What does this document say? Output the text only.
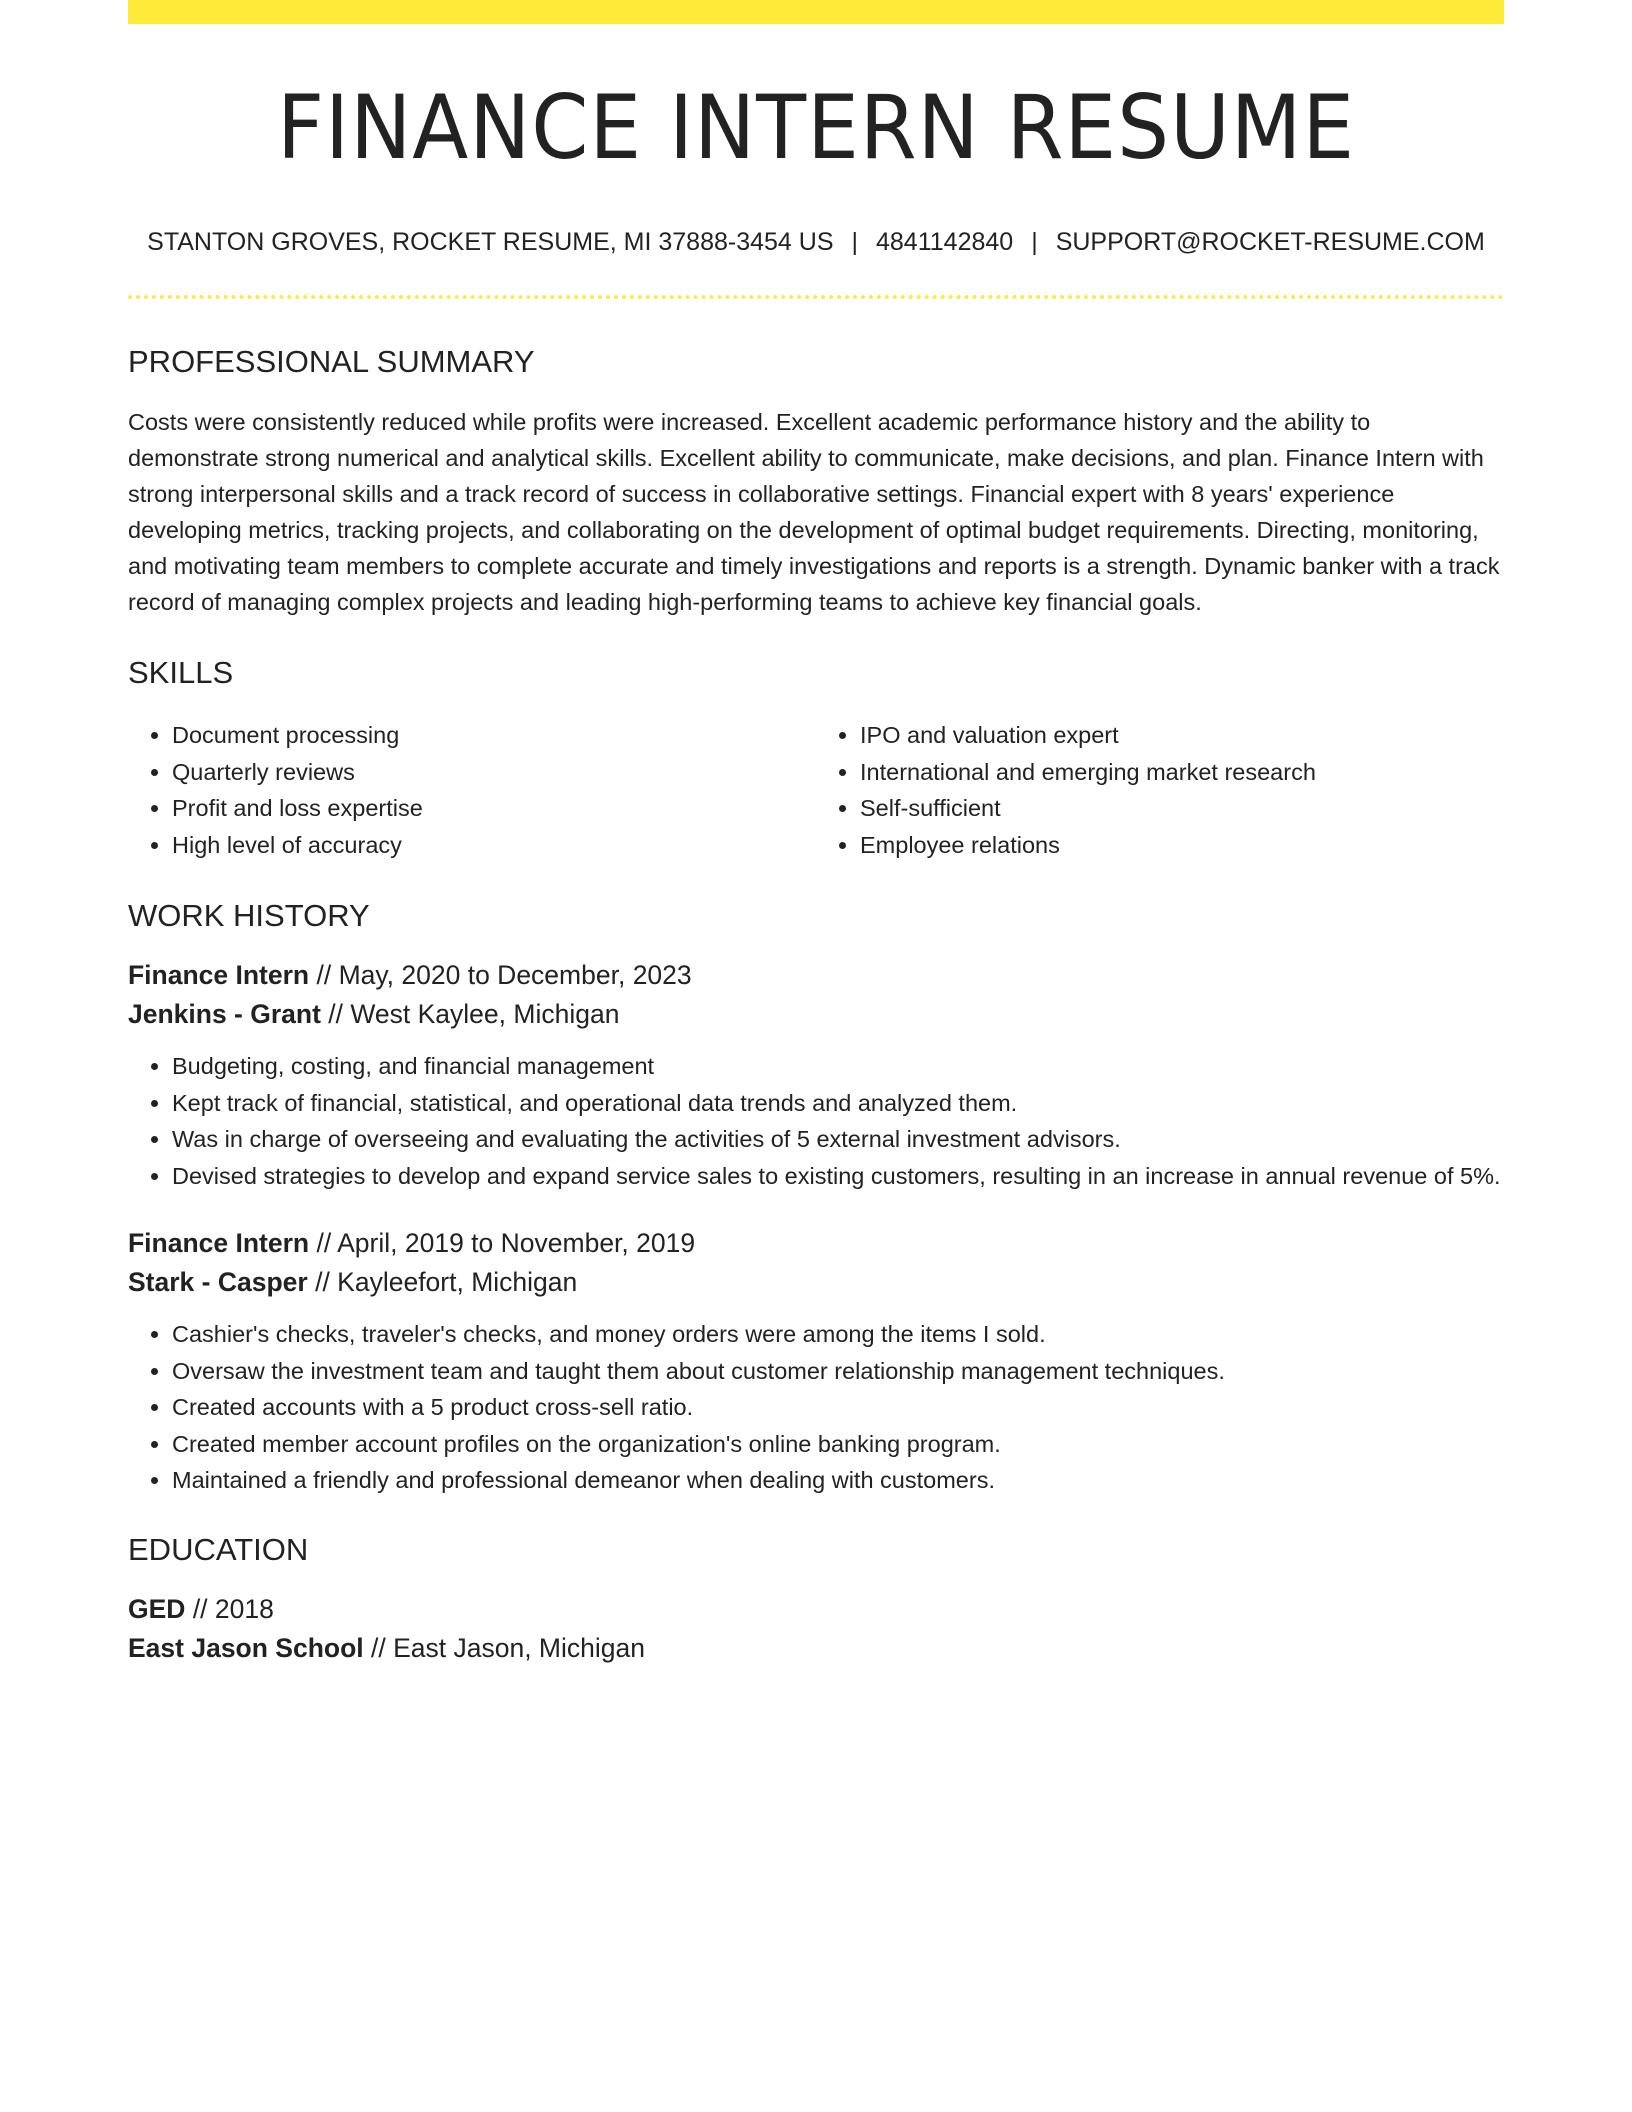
FINANCE INTERN RESUME
STANTON GROVES, ROCKET RESUME, MI 37888-3454 US | 4841142840 | SUPPORT@ROCKET-RESUME.COM
PROFESSIONAL SUMMARY

Costs were consistently reduced while profits were increased. Excellent academic performance history and the ability to demonstrate strong numerical and analytical skills. Excellent ability to communicate, make decisions, and plan. Finance Intern with strong interpersonal skills and a track record of success in collaborative settings. Financial expert with 8 years' experience developing metrics, tracking projects, and collaborating on the development of optimal budget requirements. Directing, monitoring, and motivating team members to complete accurate and timely investigations and reports is a strength. Dynamic banker with a track record of managing complex projects and leading high-performing teams to achieve key financial goals.

SKILLS
• Document processing
• Quarterly reviews
• Profit and loss expertise
• High level of accuracy
• IPO and valuation expert
• International and emerging market research
• Self-sufficient
• Employee relations
WORK HISTORY
Finance Intern // May, 2020 to December, 2023
Jenkins - Grant // West Kaylee, Michigan
• Budgeting, costing, and financial management
• Kept track of financial, statistical, and operational data trends and analyzed them.
• Was in charge of overseeing and evaluating the activities of 5 external investment advisors.
• Devised strategies to develop and expand service sales to existing customers, resulting in an increase in annual revenue of 5%.
Finance Intern // April, 2019 to November, 2019
Stark - Casper // Kayleefort, Michigan
• Cashier's checks, traveler's checks, and money orders were among the items I sold.
• Oversaw the investment team and taught them about customer relationship management techniques.
• Created accounts with a 5 product cross-sell ratio.
• Created member account profiles on the organization's online banking program.
• Maintained a friendly and professional demeanor when dealing with customers.
EDUCATION
GED // 2018
East Jason School // East Jason, Michigan
